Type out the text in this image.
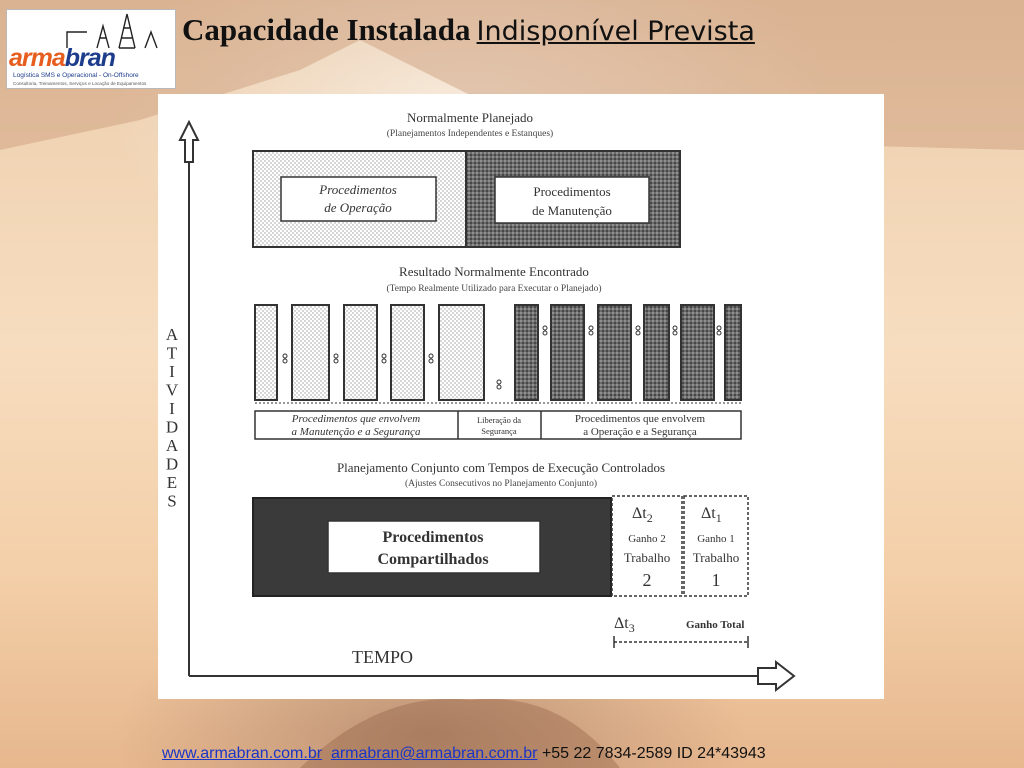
armabran
Logística SMS e Operacional - On-Offshore
Consultoria, Treinamentos, Serviços e Locação de Equipamentos
Capacidade Instalada Indisponível Prevista
A T I V I D A D E S
TEMPO
Normalmente Planejado
(Planejamentos Independentes e Estanques)
Procedimentos
de Operação
Procedimentos
de Manutenção
Resultado Normalmente Encontrado
(Tempo Realmente Utilizado para Executar o Planejado)
Procedimentos que envolvem
a Manutenção e a Segurança
Liberação da
Segurança
Procedimentos que envolvem
a Operação e a Segurança
Planejamento Conjunto com Tempos de Execução Controlados
(Ajustes Consecutivos no Planejamento Conjunto)
Procedimentos
Compartilhados
$\Delta t_2$
Ganho 2
Trabalho
2
$\Delta t_1$
Ganho 1
Trabalho
1
$\Delta t_3$	Ganho Total
www.armabran.com.br armabran@armabran.com.br +55 22 7834-2589 ID 24*43943
